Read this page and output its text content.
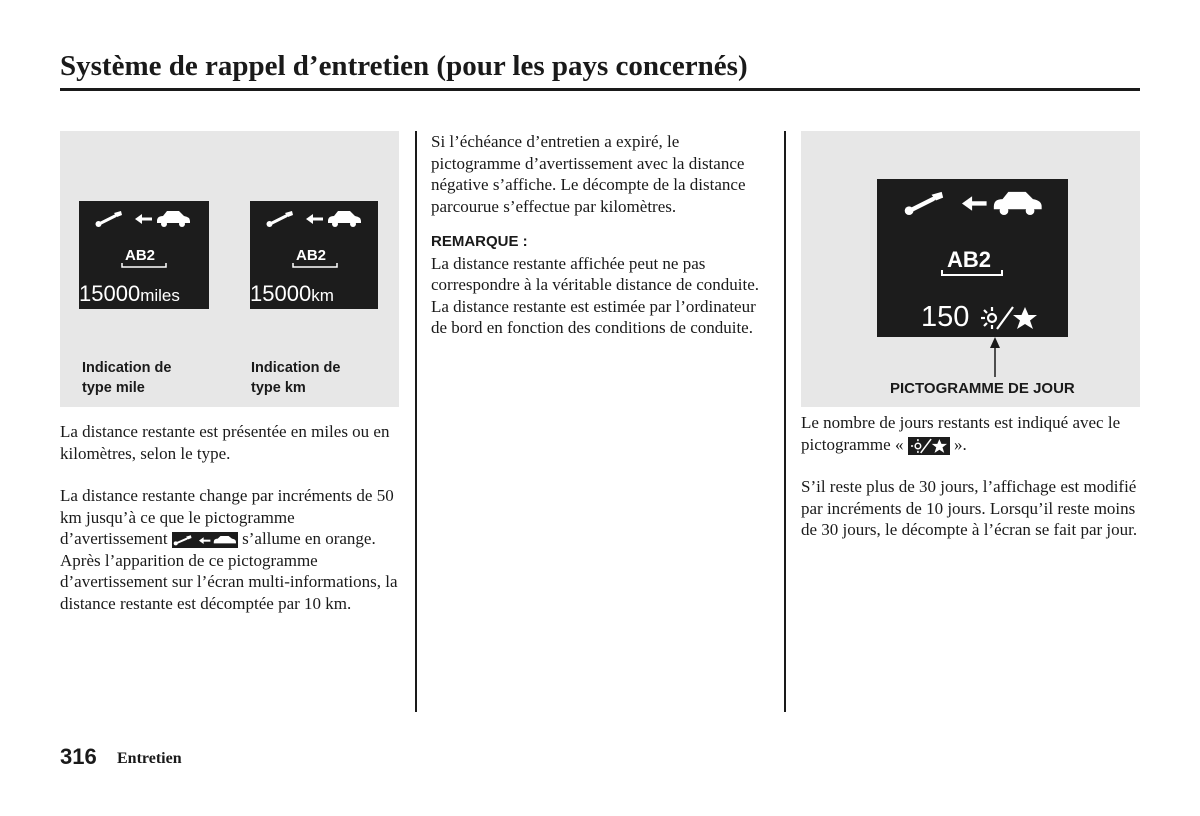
Système de rappel d’entretien (pour les pays concernés)
AB2
15000miles
AB2
15000km
Indication de
type mile
Indication de
type km

La distance restante est présentée en miles ou en kilomètres, selon le type.

La distance restante change par incréments de 50 km jusqu’à ce que le pictogramme d’avertissement	s’allume en orange. Après l’apparition de ce pictogramme d’avertissement sur l’écran multi-informations, la distance restante est décomptée par 10 km.

Si l’échéance d’entretien a expiré, le pictogramme d’avertissement avec la distance négative s’affiche. Le décompte de la distance parcourue s’effectue par kilomètres.

REMARQUE :

La distance restante affichée peut ne pas correspondre à la véritable distance de conduite. La distance restante est estimée par l’ordinateur de bord en fonction des conditions de conduite.

AB2
150
PICTOGRAMME DE JOUR

Le nombre de jours restants est indiqué avec le pictogramme «	».

S’il reste plus de 30 jours, l’affichage est modifié par incréments de 10 jours. Lorsqu’il reste moins de 30 jours, le décompte à l’écran se fait par jour.

316 Entretien
